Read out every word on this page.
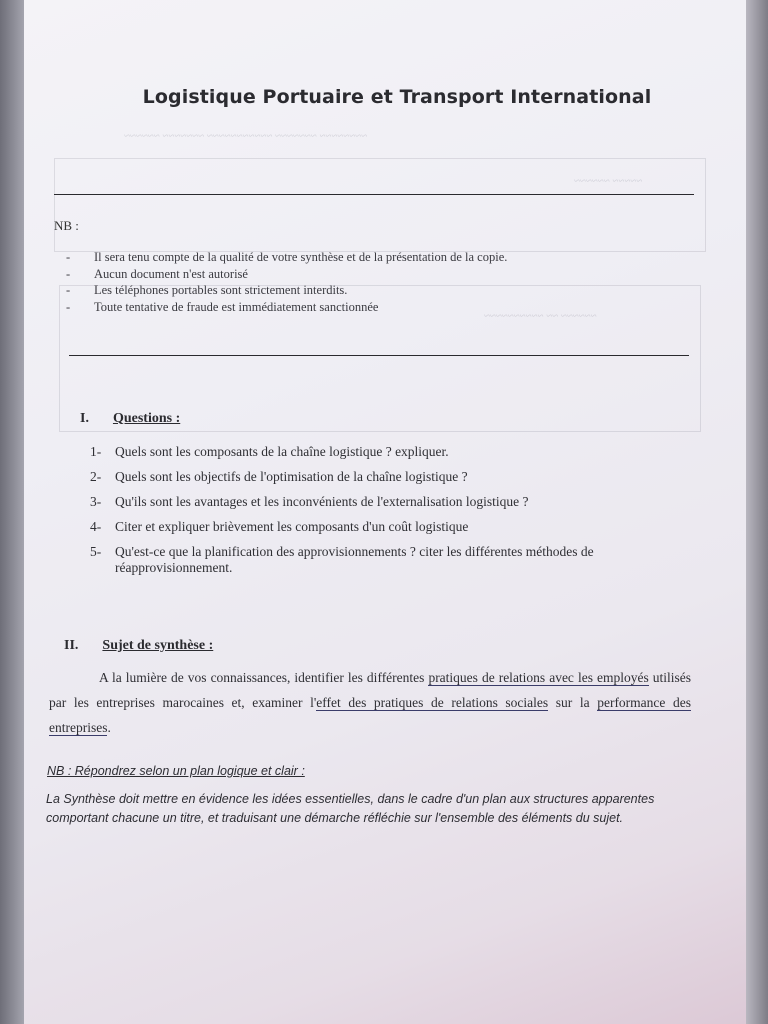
~~~~~~~~ ~~~~~~~ ~~~~~~~~~~~ ~~~~~~~ ~~~~~~
~~~~~ ~~~~~~
~~~~~~ ~~ ~~~~~~~~~~
Logistique Portuaire et Transport International
NB :
- Il sera tenu compte de la qualité de votre synthèse et de la présentation de la copie.
- Aucun document n'est autorisé
- Les téléphones portables sont strictement interdits.
- Toute tentative de fraude est immédiatement sanctionnée
I. Questions :
1- Quels sont les composants de la chaîne logistique ? expliquer.
2- Quels sont les objectifs de l'optimisation de la chaîne logistique ?
3- Qu'ils sont les avantages et les inconvénients de l'externalisation logistique ?
4- Citer et expliquer brièvement les composants d'un coût logistique
5- Qu'est-ce que la planification des approvisionnements ? citer les différentes méthodes de réapprovisionnement.
II. Sujet de synthèse :
A la lumière de vos connaissances, identifier les différentes pratiques de relations avec les employés utilisés par les entreprises marocaines et, examiner l'effet des pratiques de relations sociales sur la performance des entreprises.
NB : Répondrez selon un plan logique et clair :
La Synthèse doit mettre en évidence les idées essentielles, dans le cadre d'un plan aux structures apparentes comportant chacune un titre, et traduisant une démarche réfléchie sur l'ensemble des éléments du sujet.
